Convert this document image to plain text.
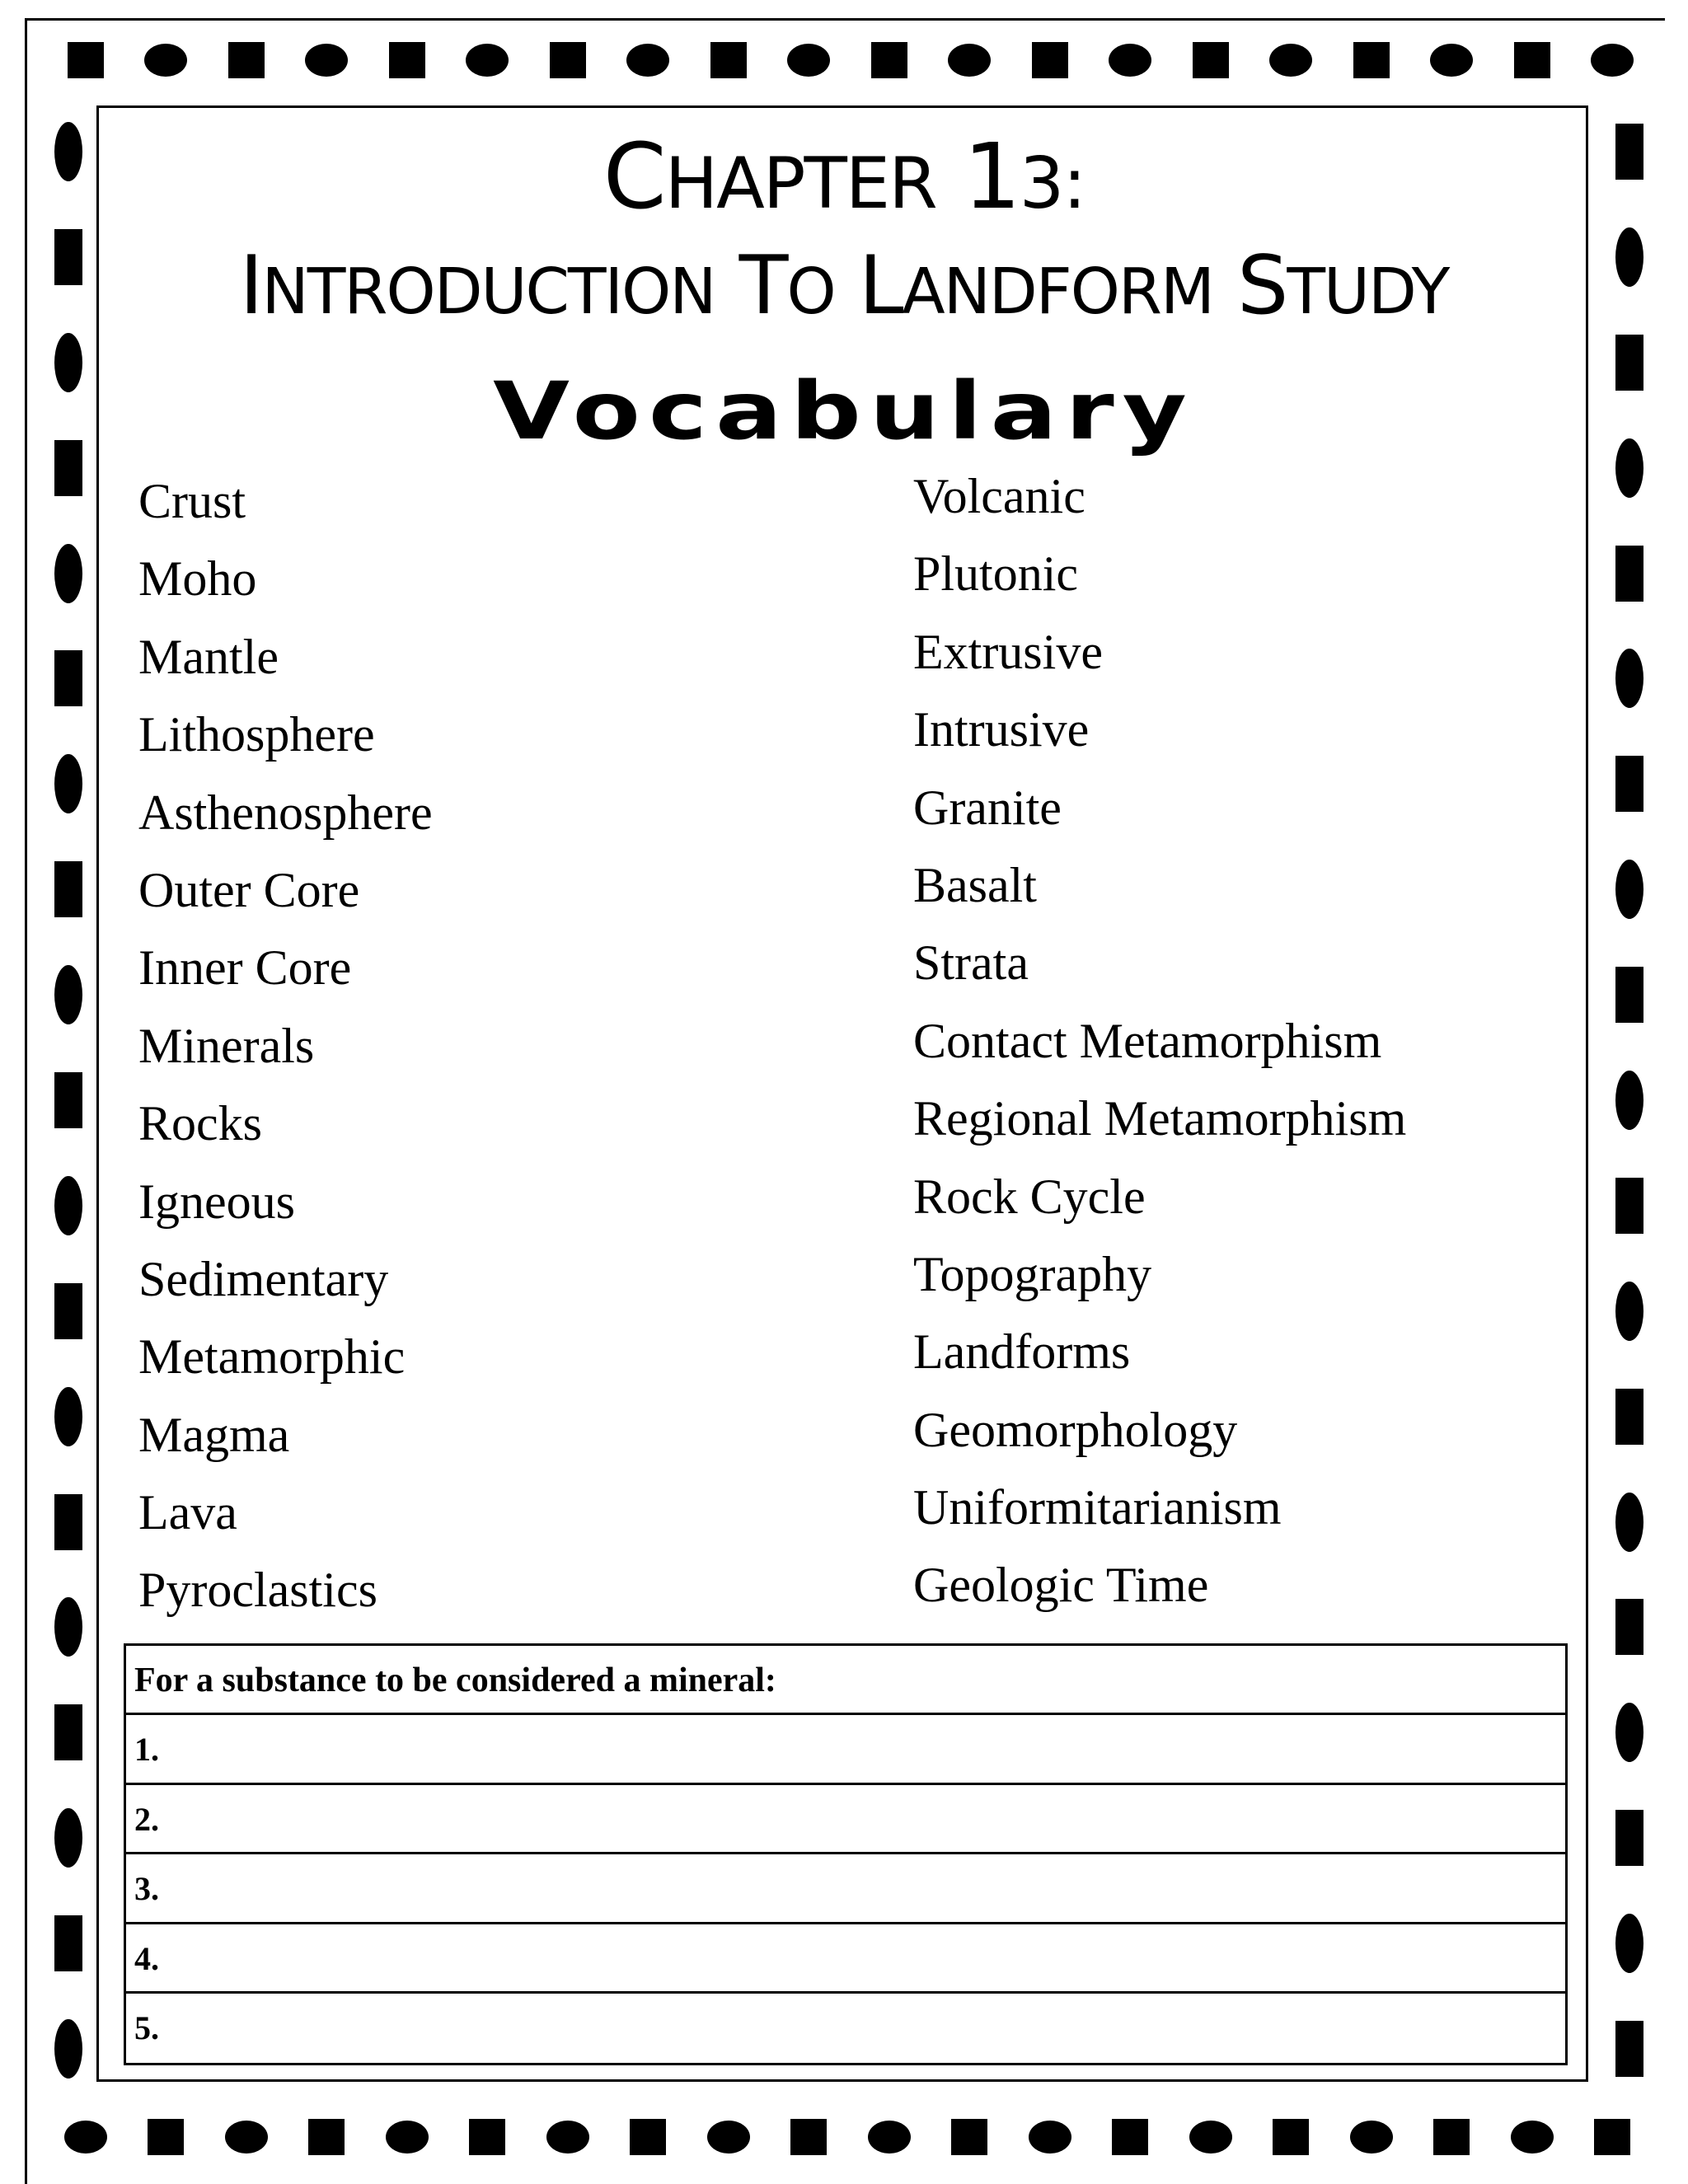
CHAPTER 13:
INTRODUCTION TO LANDFORM STUDY
Vocabulary
Crust
Moho
Mantle
Lithosphere
Asthenosphere
Outer Core
Inner Core
Minerals
Rocks
Igneous
Sedimentary
Metamorphic
Magma
Lava
Pyroclastics
Volcanic
Plutonic
Extrusive
Intrusive
Granite
Basalt
Strata
Contact Metamorphism
Regional Metamorphism
Rock Cycle
Topography
Landforms
Geomorphology
Uniformitarianism
Geologic Time
For a substance to be considered a mineral:
1.
2.
3.
4.
5.
